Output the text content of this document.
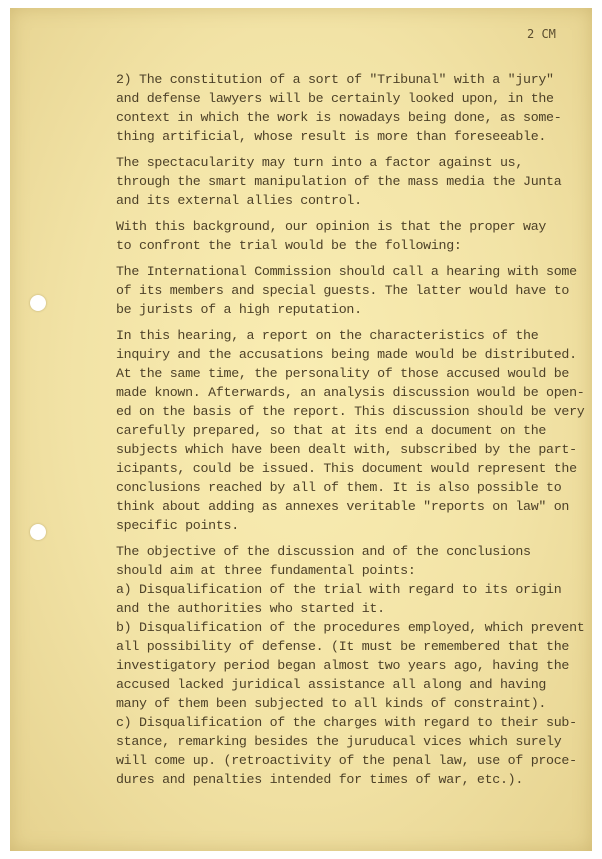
2 CM
2) The constitution of a sort of "Tribunal" with a "jury"
and defense lawyers will be certainly looked upon, in the
context in which the work is nowadays being done, as some-
thing artificial, whose result is more than foreseeable.
The spectacularity may turn into a factor against us,
through the smart manipulation of the mass media the Junta
and its external allies control.
With this background, our opinion is that the proper way
to confront the trial would be the following:
The International Commission should call a hearing with some
of its members and special guests. The latter would have to
be jurists of a high reputation.
In this hearing, a report on the characteristics of the
inquiry and the accusations being made would be distributed.
At the same time, the personality of those accused would be
made known. Afterwards, an analysis discussion would be open-
ed on the basis of the report. This discussion should be very
carefully prepared, so that at its end a document on the
subjects which have been dealt with, subscribed by the part-
icipants, could be issued. This document would represent the
conclusions reached by all of them. It is also possible to
think about adding as annexes veritable "reports on law" on
specific points.
The objective of the discussion and of the conclusions
should aim at three fundamental points:
a) Disqualification of the trial with regard to its origin
and the authorities who started it.
b) Disqualification of the procedures employed, which prevent
all possibility of defense. (It must be remembered that the
investigatory period began almost two years ago, having the
accused lacked juridical assistance all along and having
many of them been subjected to all kinds of constraint).
c) Disqualification of the charges with regard to their sub-
stance, remarking besides the juruducal vices which surely
will come up. (retroactivity of the penal law, use of proce-
dures and penalties intended for times of war, etc.).
